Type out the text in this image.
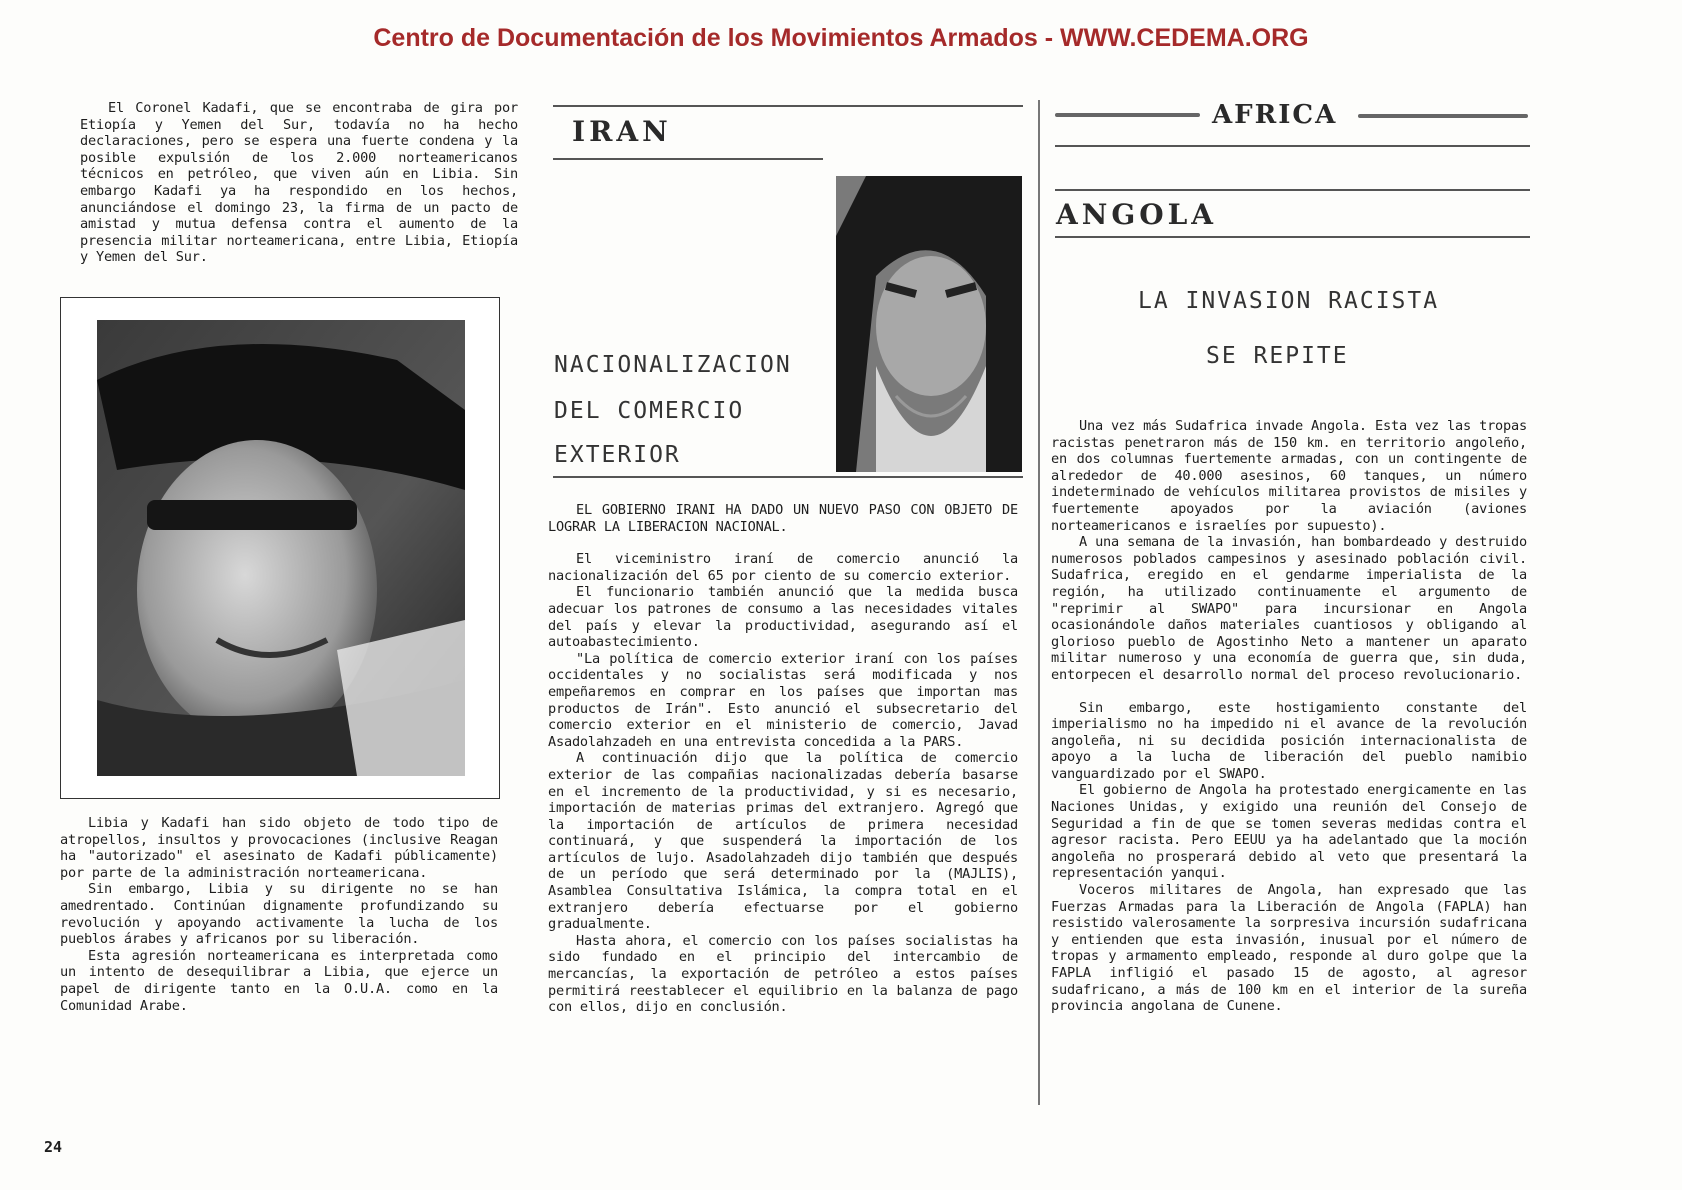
Centro de Documentación de los Movimientos Armados - WWW.CEDEMA.ORG

El Coronel Kadafi, que se encontraba de gira por Etiopía y Yemen del Sur, todavía no ha hecho declaraciones, pero se espera una fuerte condena y la posible expulsión de los 2.000 norteamericanos técnicos en petróleo, que viven aún en Libia. Sin embargo Kadafi ya ha respondido en los hechos, anunciándose el domingo 23, la firma de un pacto de amistad y mutua defensa contra el aumento de la presencia militar norteamericana, entre Libia, Etiopía y Yemen del Sur.

Libia y Kadafi han sido objeto de todo tipo de atropellos, insultos y provocaciones (inclusive Reagan ha "autorizado" el asesinato de Kadafi públicamente) por parte de la administración norteamericana.

Sin embargo, Libia y su dirigente no se han amedrentado. Continúan dignamente profundizando su revolución y apoyando activamente la lucha de los pueblos árabes y africanos por su liberación.

Esta agresión norteamericana es interpretada como un intento de desequilibrar a Libia, que ejerce un papel de dirigente tanto en la O.U.A. como en la Comunidad Arabe.

24
IRAN
NACIONALIZACION
DEL COMERCIO
EXTERIOR

EL GOBIERNO IRANI HA DADO UN NUEVO PASO CON OBJETO DE LOGRAR LA LIBERACION NACIONAL.

El viceministro iraní de comercio anunció la nacionalización del 65 por ciento de su comercio exterior.

El funcionario también anunció que la medida busca adecuar los patrones de consumo a las necesidades vitales del país y elevar la productividad, asegurando así el autoabastecimiento.

"La política de comercio exterior iraní con los países occidentales y no socialistas será modificada y nos empeñaremos en comprar en los países que importan mas productos de Irán". Esto anunció el subsecretario del comercio exterior en el ministerio de comercio, Javad Asadolahzadeh en una entrevista concedida a la PARS.

A continuación dijo que la política de comercio exterior de las compañias nacionalizadas debería basarse en el incremento de la productividad, y si es necesario, importación de materias primas del extranjero. Agregó que la importación de artículos de primera necesidad continuará, y que suspenderá la importación de los artículos de lujo. Asadolahzadeh dijo también que después de un período que será determinado por la (MAJLIS), Asamblea Consultativa Islámica, la compra total en el extranjero debería efectuarse por el gobierno gradualmente.

Hasta ahora, el comercio con los países socialistas ha sido fundado en el principio del intercambio de mercancías, la exportación de petróleo a estos países permitirá reestablecer el equilibrio en la balanza de pago con ellos, dijo en conclusión.

AFRICA
ANGOLA
LA INVASION RACISTA
SE REPITE

Una vez más Sudafrica invade Angola. Esta vez las tropas racistas penetraron más de 150 km. en territorio angoleño, en dos columnas fuertemente armadas, con un contingente de alrededor de 40.000 asesinos, 60 tanques, un número indeterminado de vehículos militarea provistos de misiles y fuertemente apoyados por la aviación (aviones norteamericanos e israelíes por supuesto).

A una semana de la invasión, han bombardeado y destruido numerosos poblados campesinos y asesinado población civil. Sudafrica, eregido en el gendarme imperialista de la región, ha utilizado continuamente el argumento de "reprimir al SWAPO" para incursionar en Angola ocasionándole daños materiales cuantiosos y obligando al glorioso pueblo de Agostinho Neto a mantener un aparato militar numeroso y una economía de guerra que, sin duda, entorpecen el desarrollo normal del proceso revolucionario.

Sin embargo, este hostigamiento constante del imperialismo no ha impedido ni el avance de la revolución angoleña, ni su decidida posición internacionalista de apoyo a la lucha de liberación del pueblo namibio vanguardizado por el SWAPO.

El gobierno de Angola ha protestado energicamente en las Naciones Unidas, y exigido una reunión del Consejo de Seguridad a fin de que se tomen severas medidas contra el agresor racista. Pero EEUU ya ha adelantado que la moción angoleña no prosperará debido al veto que presentará la representación yanqui.

Voceros militares de Angola, han expresado que las Fuerzas Armadas para la Liberación de Angola (FAPLA) han resistido valerosamente la sorpresiva incursión sudafricana y entienden que esta invasión, inusual por el número de tropas y armamento empleado, responde al duro golpe que la FAPLA infligió el pasado 15 de agosto, al agresor sudafricano, a más de 100 km en el interior de la sureña provincia angolana de Cunene.
